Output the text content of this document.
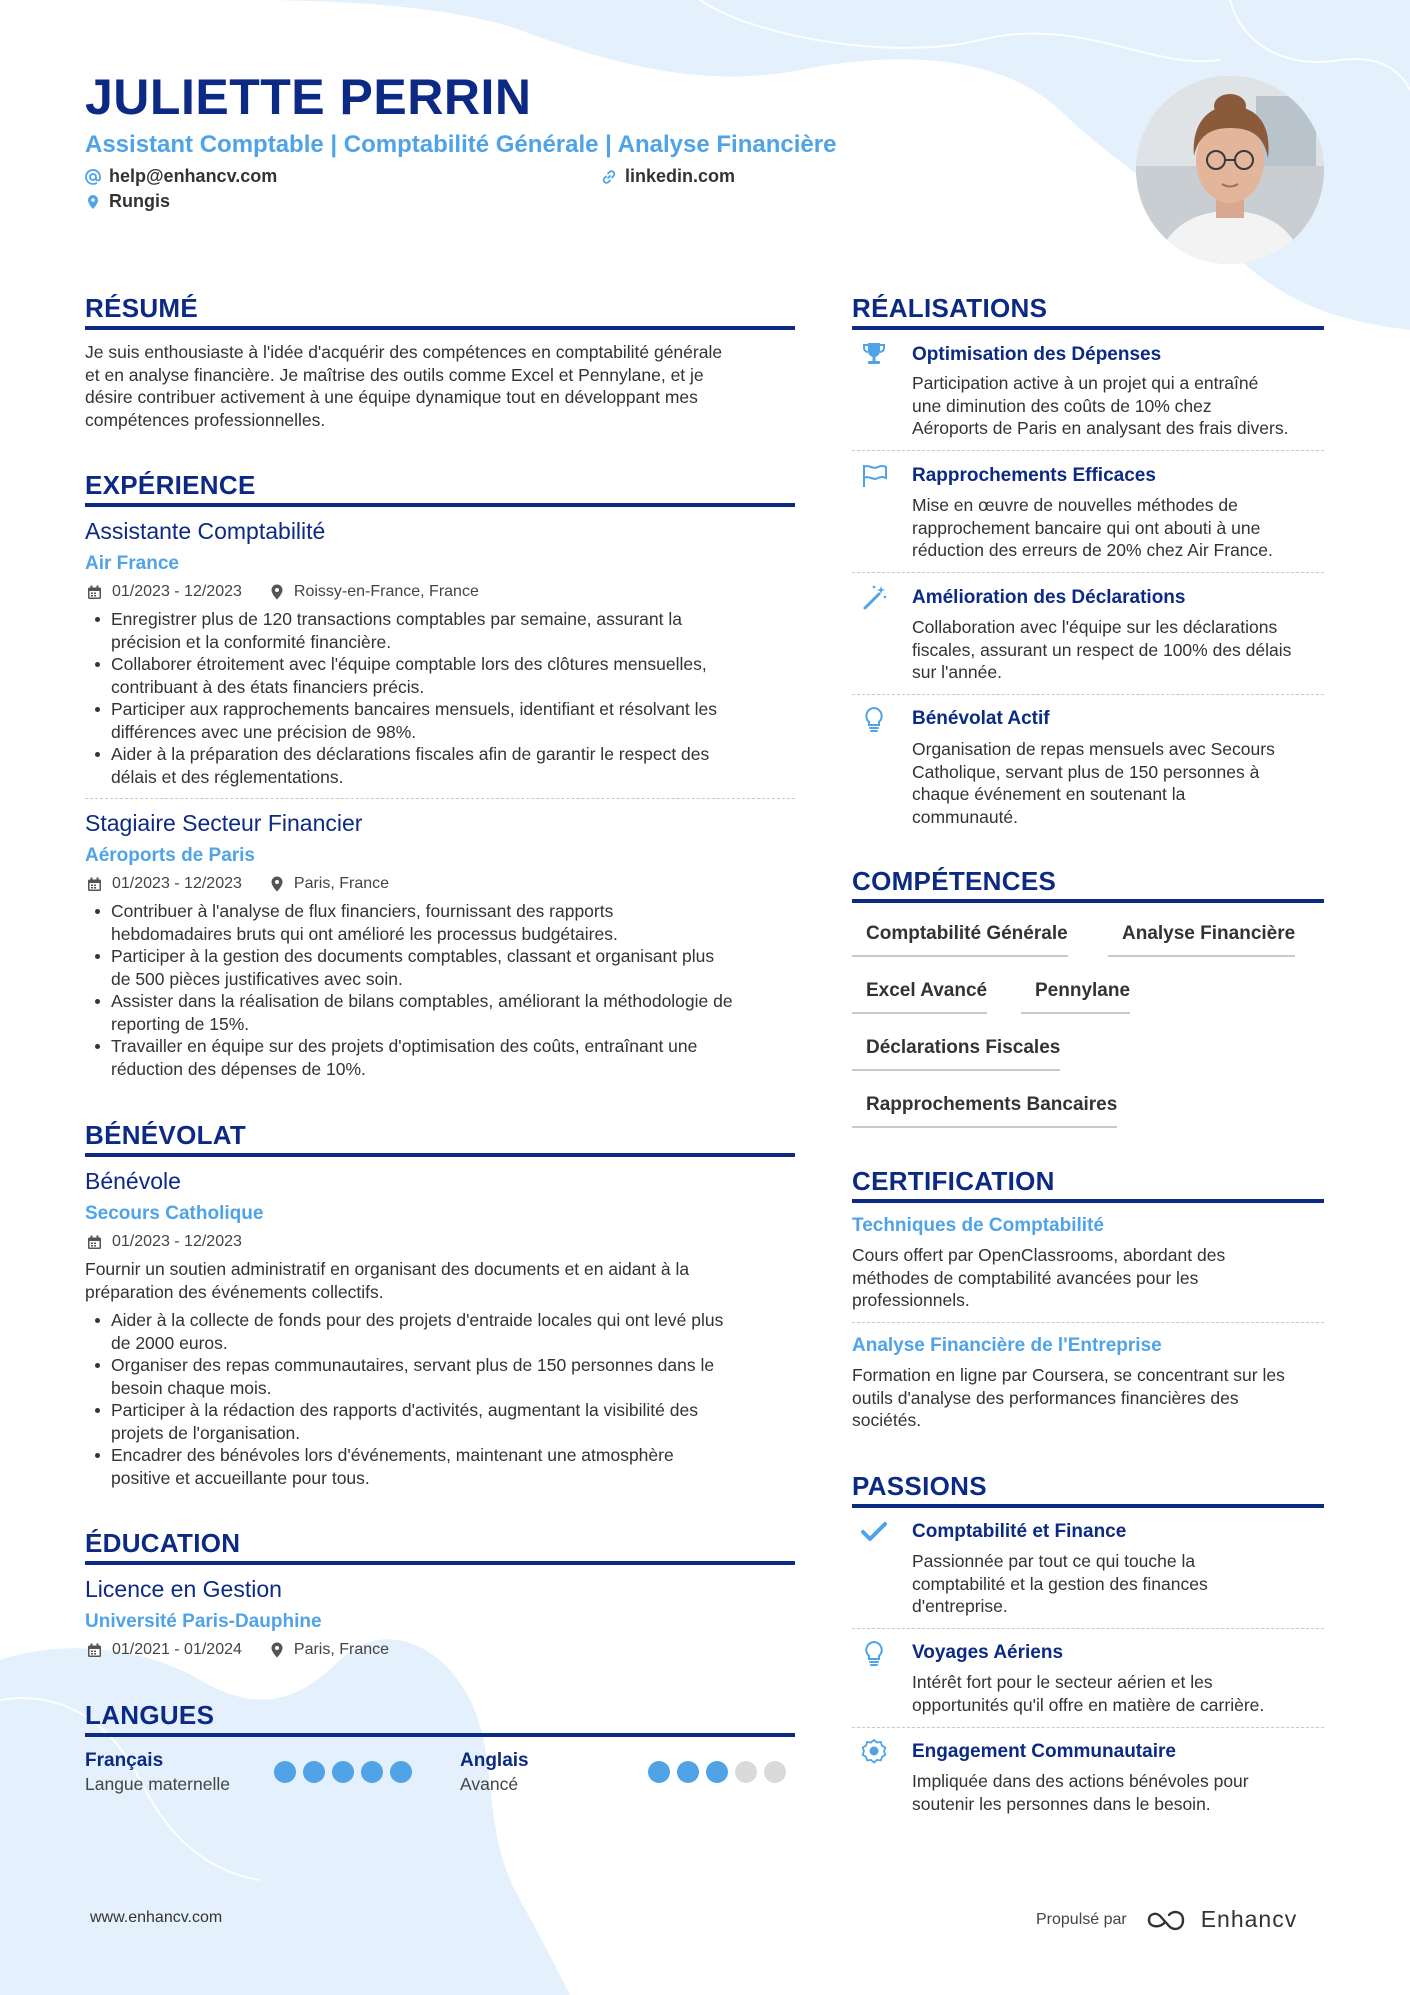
JULIETTE PERRIN
Assistant Comptable | Comptabilité Générale | Analyse Financière
help@enhancv.com	linkedin.com
Rungis
RÉSUMÉ
Je suis enthousiaste à l'idée d'acquérir des compétences en comptabilité générale
et en analyse financière. Je maîtrise des outils comme Excel et Pennylane, et je
désire contribuer activement à une équipe dynamique tout en développant mes
compétences professionnelles.
EXPÉRIENCE
Assistante Comptabilité
Air France
01/2023 - 12/2023	Roissy-en-France, France
Enregistrer plus de 120 transactions comptables par semaine, assurant la
précision et la conformité financière.
Collaborer étroitement avec l'équipe comptable lors des clôtures mensuelles,
contribuant à des états financiers précis.
Participer aux rapprochements bancaires mensuels, identifiant et résolvant les
différences avec une précision de 98%.
Aider à la préparation des déclarations fiscales afin de garantir le respect des
délais et des réglementations.
Stagiaire Secteur Financier
Aéroports de Paris
01/2023 - 12/2023	Paris, France
Contribuer à l'analyse de flux financiers, fournissant des rapports
hebdomadaires bruts qui ont amélioré les processus budgétaires.
Participer à la gestion des documents comptables, classant et organisant plus
de 500 pièces justificatives avec soin.
Assister dans la réalisation de bilans comptables, améliorant la méthodologie de
reporting de 15%.
Travailler en équipe sur des projets d'optimisation des coûts, entraînant une
réduction des dépenses de 10%.
BÉNÉVOLAT
Bénévole
Secours Catholique
01/2023 - 12/2023
Fournir un soutien administratif en organisant des documents et en aidant à la
préparation des événements collectifs.
Aider à la collecte de fonds pour des projets d'entraide locales qui ont levé plus
de 2000 euros.
Organiser des repas communautaires, servant plus de 150 personnes dans le
besoin chaque mois.
Participer à la rédaction des rapports d'activités, augmentant la visibilité des
projets de l'organisation.
Encadrer des bénévoles lors d'événements, maintenant une atmosphère
positive et accueillante pour tous.
ÉDUCATION
Licence en Gestion
Université Paris-Dauphine
01/2021 - 01/2024	Paris, France
LANGUES
Français
Langue maternelle
Anglais
Avancé
RÉALISATIONS
Optimisation des Dépenses
Participation active à un projet qui a entraîné
une diminution des coûts de 10% chez
Aéroports de Paris en analysant des frais divers.
Rapprochements Efficaces
Mise en œuvre de nouvelles méthodes de
rapprochement bancaire qui ont abouti à une
réduction des erreurs de 20% chez Air France.
Amélioration des Déclarations
Collaboration avec l'équipe sur les déclarations
fiscales, assurant un respect de 100% des délais
sur l'année.
Bénévolat Actif
Organisation de repas mensuels avec Secours
Catholique, servant plus de 150 personnes à
chaque événement en soutenant la
communauté.
COMPÉTENCES
Comptabilité Générale	Analyse Financière
Excel Avancé	Pennylane
Déclarations Fiscales
Rapprochements Bancaires
CERTIFICATION
Techniques de Comptabilité
Cours offert par OpenClassrooms, abordant des
méthodes de comptabilité avancées pour les
professionnels.
Analyse Financière de l'Entreprise
Formation en ligne par Coursera, se concentrant sur les
outils d'analyse des performances financières des
sociétés.
PASSIONS
Comptabilité et Finance
Passionnée par tout ce qui touche la
comptabilité et la gestion des finances
d'entreprise.
Voyages Aériens
Intérêt fort pour le secteur aérien et les
opportunités qu'il offre en matière de carrière.
Engagement Communautaire
Impliquée dans des actions bénévoles pour
soutenir les personnes dans le besoin.
www.enhancv.com	Propulsé par	Enhancv
